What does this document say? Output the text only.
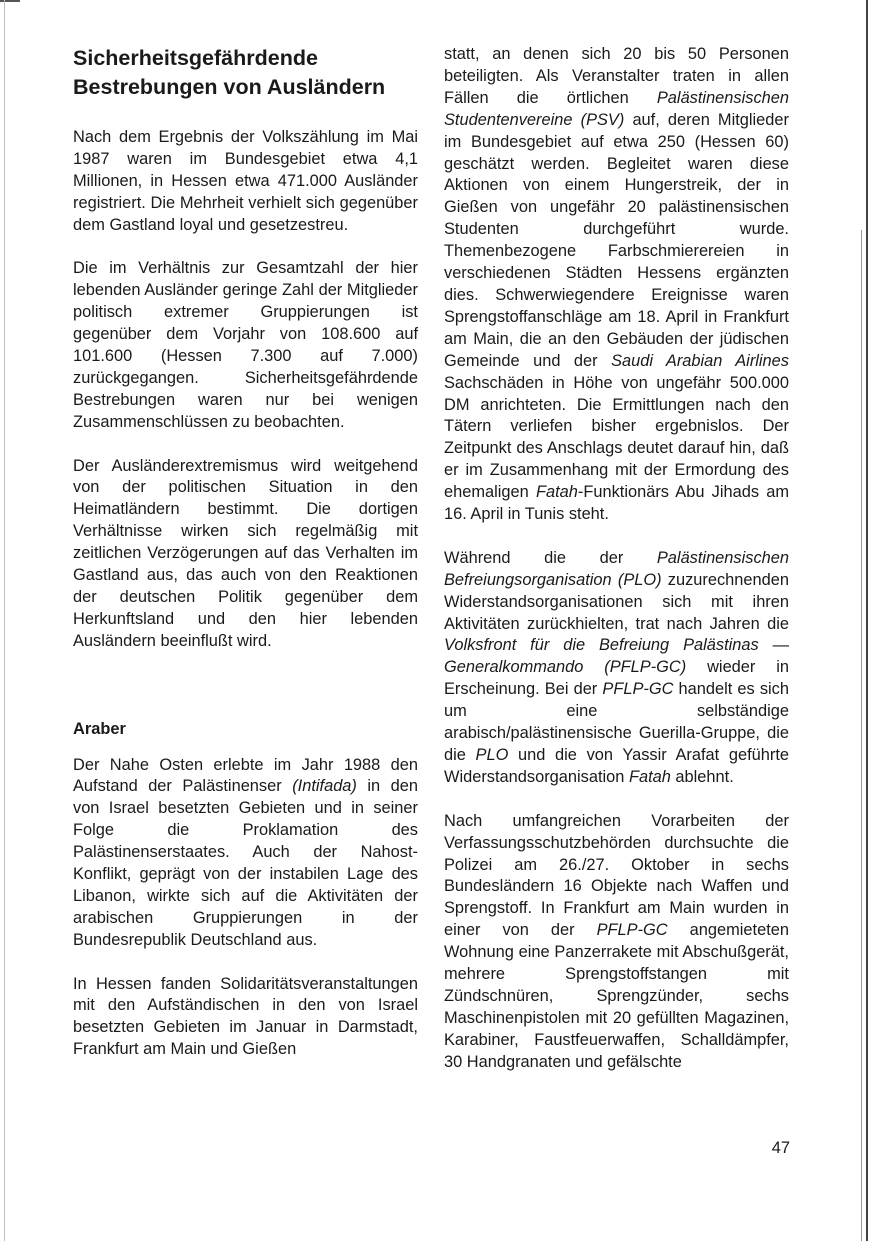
Sicherheitsgefährdende Bestrebungen von Ausländern

Nach dem Ergebnis der Volkszählung im Mai 1987 waren im Bundesgebiet etwa 4,1 Millionen, in Hessen etwa 471.000 Ausländer registriert. Die Mehrheit verhielt sich gegenüber dem Gastland loyal und gesetzestreu.

Die im Verhältnis zur Gesamtzahl der hier lebenden Ausländer geringe Zahl der Mitglieder politisch extremer Gruppierungen ist gegenüber dem Vorjahr von 108.600 auf 101.600 (Hessen 7.300 auf 7.000) zurückgegangen. Sicherheitsgefährdende Bestrebungen waren nur bei wenigen Zusammenschlüssen zu beobachten.

Der Ausländerextremismus wird weitgehend von der politischen Situation in den Heimatländern bestimmt. Die dortigen Verhältnisse wirken sich regelmäßig mit zeitlichen Verzögerungen auf das Verhalten im Gastland aus, das auch von den Reaktionen der deutschen Politik gegenüber dem Herkunftsland und den hier lebenden Ausländern beeinflußt wird.

Araber

Der Nahe Osten erlebte im Jahr 1988 den Aufstand der Palästinenser (Intifada) in den von Israel besetzten Gebieten und in seiner Folge die Proklamation des Palästinenserstaates. Auch der Nahost-Konflikt, geprägt von der instabilen Lage des Libanon, wirkte sich auf die Aktivitäten der arabischen Gruppierungen in der Bundesrepublik Deutschland aus.

In Hessen fanden Solidaritätsveranstaltungen mit den Aufständischen in den von Israel besetzten Gebieten im Januar in Darmstadt, Frankfurt am Main und Gießen

statt, an denen sich 20 bis 50 Personen beteiligten. Als Veranstalter traten in allen Fällen die örtlichen Palästinensischen Studentenvereine (PSV) auf, deren Mitglieder im Bundesgebiet auf etwa 250 (Hessen 60) geschätzt werden. Begleitet waren diese Aktionen von einem Hungerstreik, der in Gießen von ungefähr 20 palästinensischen Studenten durchgeführt wurde. Themenbezogene Farbschmierereien in verschiedenen Städten Hessens ergänzten dies. Schwerwiegendere Ereignisse waren Sprengstoffanschläge am 18. April in Frankfurt am Main, die an den Gebäuden der jüdischen Gemeinde und der Saudi Arabian Airlines Sachschäden in Höhe von ungefähr 500.000 DM anrichteten. Die Ermittlungen nach den Tätern verliefen bisher ergebnislos. Der Zeitpunkt des Anschlags deutet darauf hin, daß er im Zusammenhang mit der Ermordung des ehemaligen Fatah-Funktionärs Abu Jihads am 16. April in Tunis steht.

Während die der Palästinensischen Befreiungsorganisation (PLO) zuzurechnenden Widerstandsorganisationen sich mit ihren Aktivitäten zurückhielten, trat nach Jahren die Volksfront für die Befreiung Palästinas — Generalkommando (PFLP-GC) wieder in Erscheinung. Bei der PFLP-GC handelt es sich um eine selbständige arabisch/palästinensische Guerilla-Gruppe, die die PLO und die von Yassir Arafat geführte Widerstandsorganisation Fatah ablehnt.

Nach umfangreichen Vorarbeiten der Verfassungsschutzbehörden durchsuchte die Polizei am 26./27. Oktober in sechs Bundesländern 16 Objekte nach Waffen und Sprengstoff. In Frankfurt am Main wurden in einer von der PFLP-GC angemieteten Wohnung eine Panzerrakete mit Abschußgerät, mehrere Sprengstoffstangen mit Zündschnüren, Sprengzünder, sechs Maschinenpistolen mit 20 gefüllten Magazinen, Karabiner, Faustfeuerwaffen, Schalldämpfer, 30 Handgranaten und gefälschte

47
